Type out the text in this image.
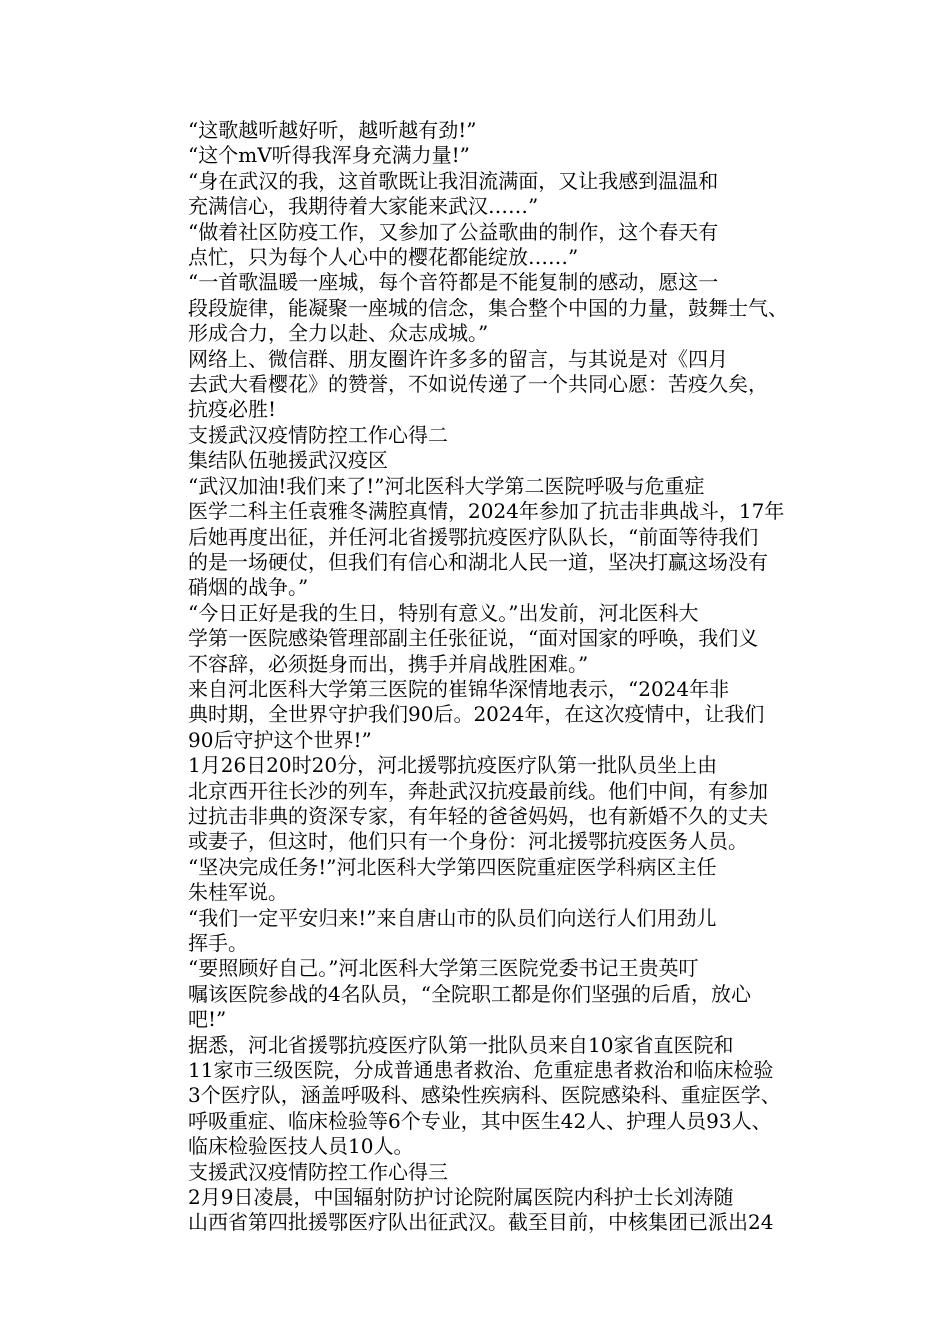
“这歌越听越好听，越听越有劲!”

“这个mV听得我浑身充满力量!”

“身在武汉的我，这首歌既让我泪流满面，又让我感到温温和
充满信心，我期待着大家能来武汉……”

“做着社区防疫工作，又参加了公益歌曲的制作，这个春天有
点忙，只为每个人心中的樱花都能绽放……”

“一首歌温暖一座城，每个音符都是不能复制的感动，愿这一
段段旋律，能凝聚一座城的信念，集合整个中国的力量，鼓舞士气、
形成合力，全力以赴、众志成城。”

网络上、微信群、朋友圈许许多多的留言，与其说是对《四月
去武大看樱花》的赞誉，不如说传递了一个共同心愿：苦疫久矣，
抗疫必胜!

支援武汉疫情防控工作心得二

集结队伍驰援武汉疫区

“武汉加油!我们来了!”河北医科大学第二医院呼吸与危重症
医学二科主任袁雅冬满腔真情，2024年参加了抗击非典战斗，17年
后她再度出征，并任河北省援鄂抗疫医疗队队长，“前面等待我们
的是一场硬仗，但我们有信心和湖北人民一道，坚决打赢这场没有
硝烟的战争。”

“今日正好是我的生日，特别有意义。”出发前，河北医科大
学第一医院感染管理部副主任张征说，“面对国家的呼唤，我们义
不容辞，必须挺身而出，携手并肩战胜困难。”

来自河北医科大学第三医院的崔锦华深情地表示，“2024年非
典时期，全世界守护我们90后。2024年，在这次疫情中，让我们
90后守护这个世界!”

1月26日20时20分，河北援鄂抗疫医疗队第一批队员坐上由
北京西开往长沙的列车，奔赴武汉抗疫最前线。他们中间，有参加
过抗击非典的资深专家，有年轻的爸爸妈妈，也有新婚不久的丈夫
或妻子，但这时，他们只有一个身份：河北援鄂抗疫医务人员。

“坚决完成任务!”河北医科大学第四医院重症医学科病区主任
朱桂军说。

“我们一定平安归来!”来自唐山市的队员们向送行人们用劲儿
挥手。

“要照顾好自己。”河北医科大学第三医院党委书记王贵英叮
嘱该医院参战的4名队员，“全院职工都是你们坚强的后盾，放心
吧!”

据悉，河北省援鄂抗疫医疗队第一批队员来自10家省直医院和
11家市三级医院，分成普通患者救治、危重症患者救治和临床检验
3个医疗队，涵盖呼吸科、感染性疾病科、医院感染科、重症医学、
呼吸重症、临床检验等6个专业，其中医生42人、护理人员93人、
临床检验医技人员10人。

支援武汉疫情防控工作心得三

2月9日凌晨，中国辐射防护讨论院附属医院内科护士长刘涛随
山西省第四批援鄂医疗队出征武汉。截至目前，中核集团已派出24
